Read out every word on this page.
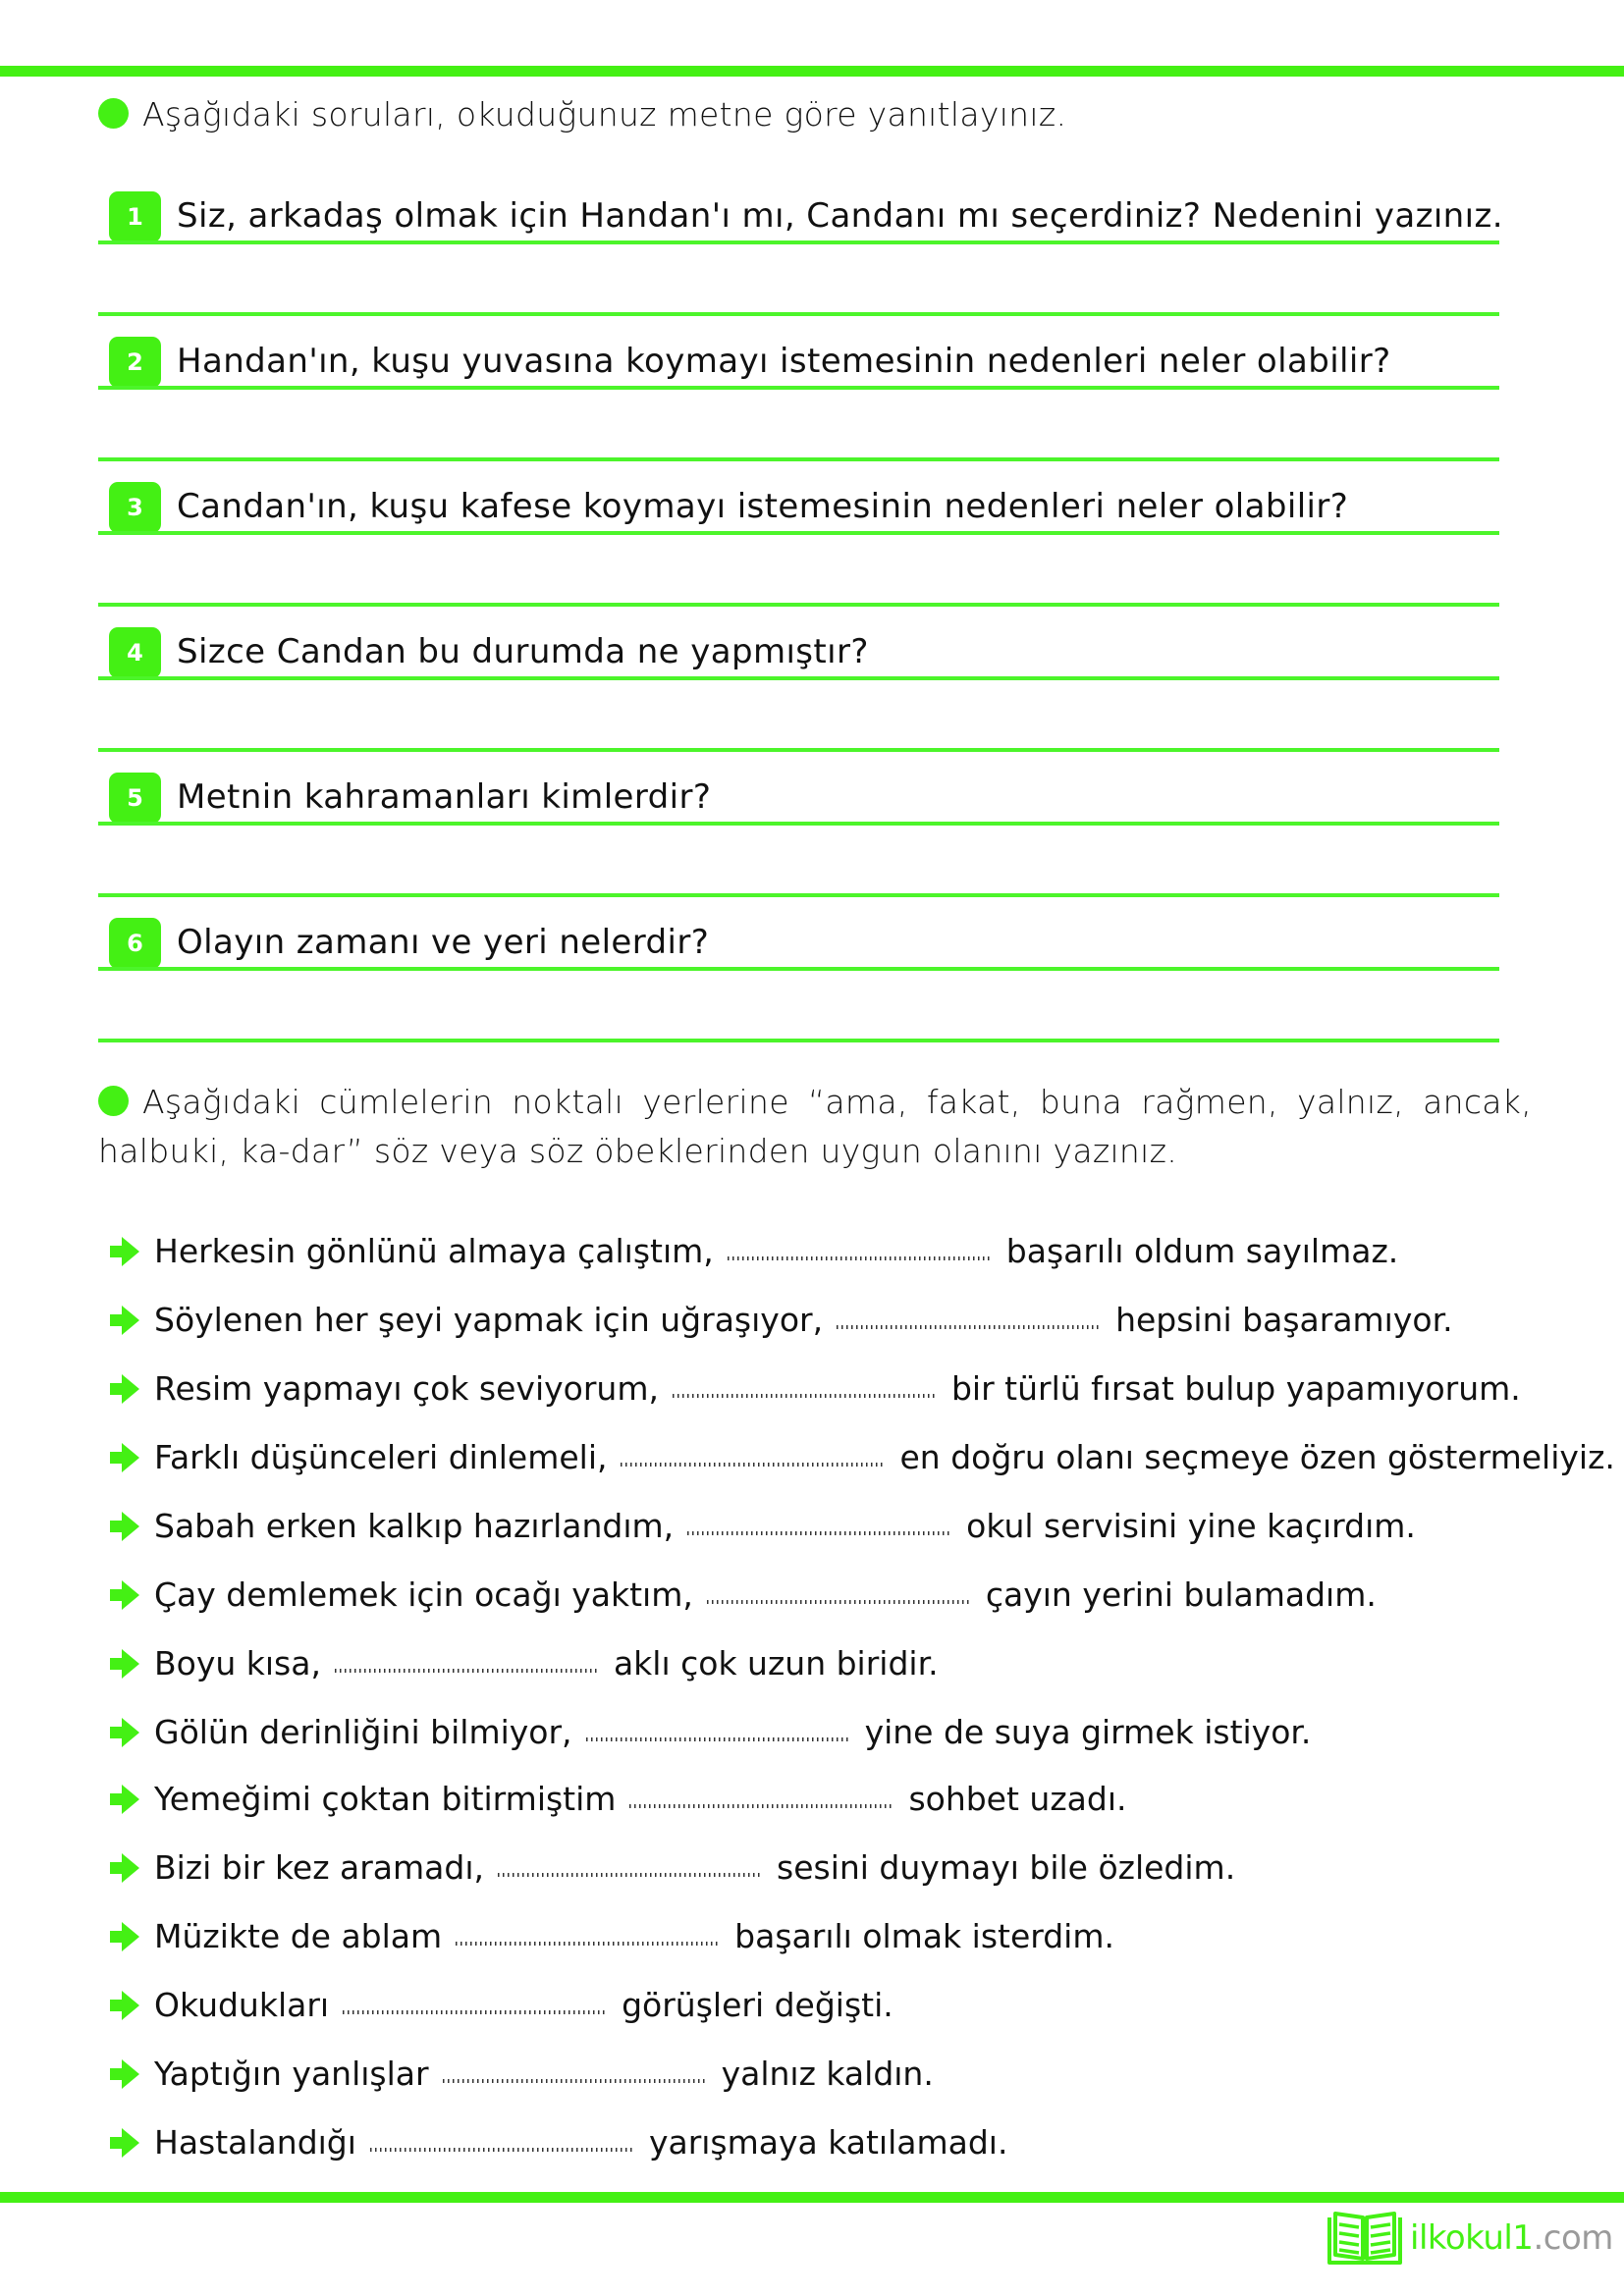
Aşağıdaki soruları, okuduğunuz metne göre yanıtlayınız.
1	Siz, arkadaş olmak için Handan'ı mı, Candanı mı seçerdiniz? Nedenini yazınız.
2	Handan'ın, kuşu yuvasına koymayı istemesinin nedenleri neler olabilir?
3	Candan'ın, kuşu kafese koymayı istemesinin nedenleri neler olabilir?
4	Sizce Candan bu durumda ne yapmıştır?
5	Metnin kahramanları kimlerdir?
6	Olayın zamanı ve yeri nelerdir?
Aşağıdaki cümlelerin noktalı yerlerine “ama, fakat, buna rağmen, yalnız, ancak, halbuki, ka-dar” söz veya söz öbeklerinden uygun olanını yazınız.
Herkesin gönlünü almaya çalıştım,	başarılı oldum sayılmaz.
Söylenen her şeyi yapmak için uğraşıyor,	hepsini başaramıyor.
Resim yapmayı çok seviyorum,	bir türlü fırsat bulup yapamıyorum.
Farklı düşünceleri dinlemeli,	en doğru olanı seçmeye özen göstermeliyiz.
Sabah erken kalkıp hazırlandım,	okul servisini yine kaçırdım.
Çay demlemek için ocağı yaktım,	çayın yerini bulamadım.
Boyu kısa,	aklı çok uzun biridir.
Gölün derinliğini bilmiyor,	yine de suya girmek istiyor.
Yemeğimi çoktan bitirmiştim	sohbet uzadı.
Bizi bir kez aramadı,	sesini duymayı bile özledim.
Müzikte de ablam	başarılı olmak isterdim.
Okudukları	görüşleri değişti.
Yaptığın yanlışlar	yalnız kaldın.
Hastalandığı	yarışmaya katılamadı.
ilkokul1.com
